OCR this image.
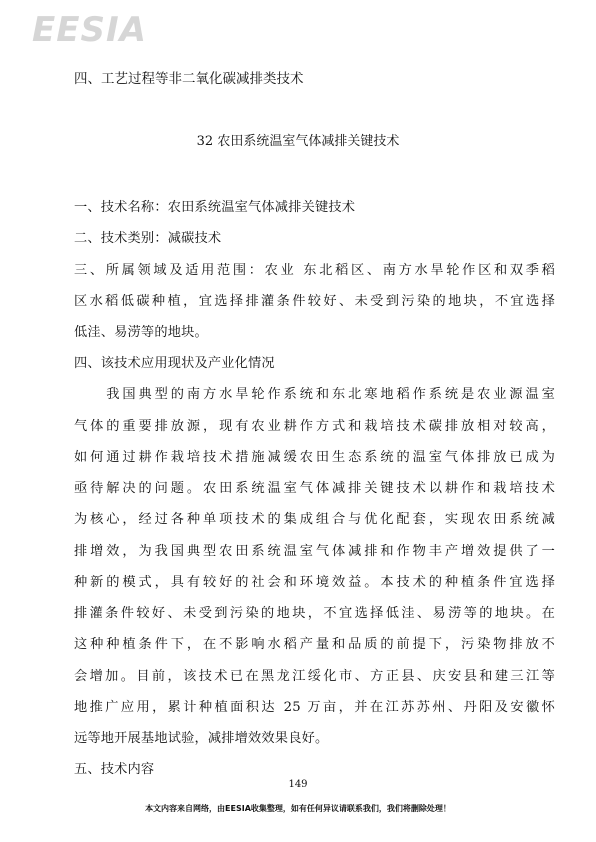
EESIA
四、工艺过程等非二氧化碳减排类技术
32 农田系统温室气体减排关键技术
一、技术名称：农田系统温室气体减排关键技术
二、技术类别：减碳技术
三、所属领域及适用范围：农业 东北稻区、南方水旱轮作区和双季稻
区水稻低碳种植，宜选择排灌条件较好、未受到污染的地块，不宜选择
低洼、易涝等的地块。
四、该技术应用现状及产业化情况
　　我国典型的南方水旱轮作系统和东北寒地稻作系统是农业源温室
气体的重要排放源，现有农业耕作方式和栽培技术碳排放相对较高，
如何通过耕作栽培技术措施减缓农田生态系统的温室气体排放已成为
亟待解决的问题。农田系统温室气体减排关键技术以耕作和栽培技术
为核心，经过各种单项技术的集成组合与优化配套，实现农田系统减
排增效，为我国典型农田系统温室气体减排和作物丰产增效提供了一
种新的模式，具有较好的社会和环境效益。本技术的种植条件宜选择
排灌条件较好、未受到污染的地块，不宜选择低洼、易涝等的地块。在
这种种植条件下，在不影响水稻产量和品质的前提下，污染物排放不
会增加。目前，该技术已在黑龙江绥化市、方正县、庆安县和建三江等
地推广应用，累计种植面积达 25 万亩，并在江苏苏州、丹阳及安徽怀
远等地开展基地试验，减排增效效果良好。
五、技术内容
149
本文内容来自网络，由EESIA收集整理，如有任何异议请联系我们，我们将删除处理！
